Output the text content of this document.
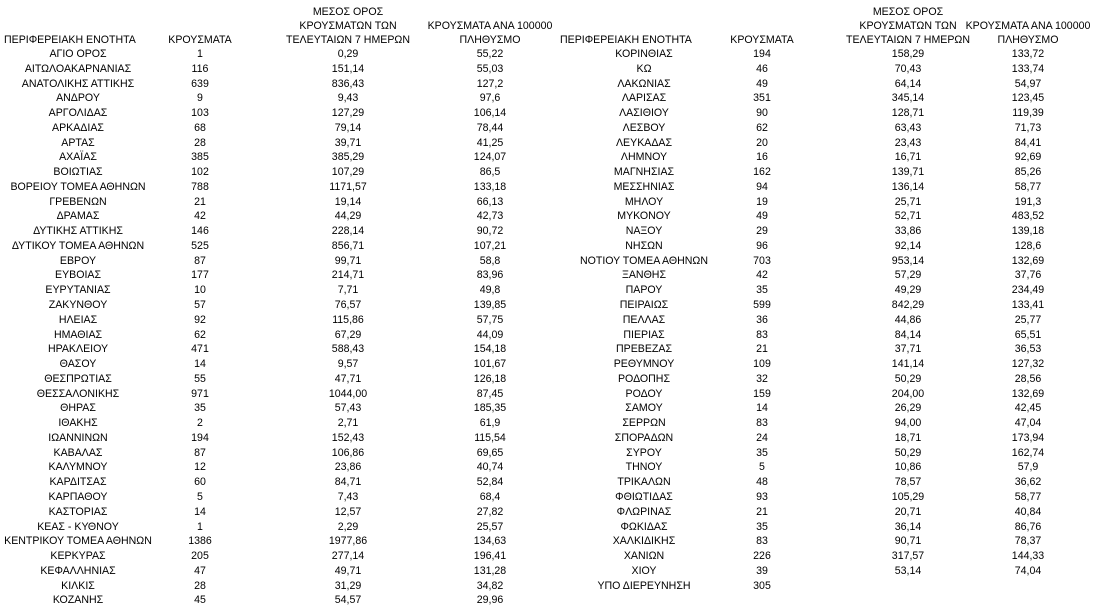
ΠΕΡΙΦΕΡΕΙΑΚΗ ΕΝΟΤΗΤΑ	ΚΡΟΥΣΜΑΤΑ
ΜΕΣΟΣ ΟΡΟΣ
ΚΡΟΥΣΜΑΤΩΝ ΤΩΝ
ΤΕΛΕΥΤΑΙΩΝ 7 ΗΜΕΡΩΝ
ΚΡΟΥΣΜΑΤΑ ΑΝΑ 100000
ΠΛΗΘΥΣΜΟ
ΑΓΙΟ ΟΡΟΣ	1	0,29	55,22
ΑΙΤΩΛΟΑΚΑΡΝΑΝΙΑΣ	116	151,14	55,03
ΑΝΑΤΟΛΙΚΗΣ ΑΤΤΙΚΗΣ	639	836,43	127,2
ΑΝΔΡΟΥ	9	9,43	97,6
ΑΡΓΟΛΙΔΑΣ	103	127,29	106,14
ΑΡΚΑΔΙΑΣ	68	79,14	78,44
ΑΡΤΑΣ	28	39,71	41,25
ΑΧΑΪΑΣ	385	385,29	124,07
ΒΟΙΩΤΙΑΣ	102	107,29	86,5
ΒΟΡΕΙΟΥ ΤΟΜΕΑ ΑΘΗΝΩΝ	788	1171,57	133,18
ΓΡΕΒΕΝΩΝ	21	19,14	66,13
ΔΡΑΜΑΣ	42	44,29	42,73
ΔΥΤΙΚΗΣ ΑΤΤΙΚΗΣ	146	228,14	90,72
ΔΥΤΙΚΟΥ ΤΟΜΕΑ ΑΘΗΝΩΝ	525	856,71	107,21
ΕΒΡΟΥ	87	99,71	58,8
ΕΥΒΟΙΑΣ	177	214,71	83,96
ΕΥΡΥΤΑΝΙΑΣ	10	7,71	49,8
ΖΑΚΥΝΘΟΥ	57	76,57	139,85
ΗΛΕΙΑΣ	92	115,86	57,75
ΗΜΑΘΙΑΣ	62	67,29	44,09
ΗΡΑΚΛΕΙΟΥ	471	588,43	154,18
ΘΑΣΟΥ	14	9,57	101,67
ΘΕΣΠΡΩΤΙΑΣ	55	47,71	126,18
ΘΕΣΣΑΛΟΝΙΚΗΣ	971	1044,00	87,45
ΘΗΡΑΣ	35	57,43	185,35
ΙΘΑΚΗΣ	2	2,71	61,9
ΙΩΑΝΝΙΝΩΝ	194	152,43	115,54
ΚΑΒΑΛΑΣ	87	106,86	69,65
ΚΑΛΥΜΝΟΥ	12	23,86	40,74
ΚΑΡΔΙΤΣΑΣ	60	84,71	52,84
ΚΑΡΠΑΘΟΥ	5	7,43	68,4
ΚΑΣΤΟΡΙΑΣ	14	12,57	27,82
ΚΕΑΣ - ΚΥΘΝΟΥ	1	2,29	25,57
ΚΕΝΤΡΙΚΟΥ ΤΟΜΕΑ ΑΘΗΝΩΝ	1386	1977,86	134,63
ΚΕΡΚΥΡΑΣ	205	277,14	196,41
ΚΕΦΑΛΛΗΝΙΑΣ	47	49,71	131,28
ΚΙΛΚΙΣ	28	31,29	34,82
ΚΟΖΑΝΗΣ	45	54,57	29,96
ΠΕΡΙΦΕΡΕΙΑΚΗ ΕΝΟΤΗΤΑ	ΚΡΟΥΣΜΑΤΑ
ΜΕΣΟΣ ΟΡΟΣ
ΚΡΟΥΣΜΑΤΩΝ ΤΩΝ
ΤΕΛΕΥΤΑΙΩΝ 7 ΗΜΕΡΩΝ
ΚΡΟΥΣΜΑΤΑ ΑΝΑ 100000
ΠΛΗΘΥΣΜΟ
ΚΟΡΙΝΘΙΑΣ	194	158,29	133,72
ΚΩ	46	70,43	133,74
ΛΑΚΩΝΙΑΣ	49	64,14	54,97
ΛΑΡΙΣΑΣ	351	345,14	123,45
ΛΑΣΙΘΙΟΥ	90	128,71	119,39
ΛΕΣΒΟΥ	62	63,43	71,73
ΛΕΥΚΑΔΑΣ	20	23,43	84,41
ΛΗΜΝΟΥ	16	16,71	92,69
ΜΑΓΝΗΣΙΑΣ	162	139,71	85,26
ΜΕΣΣΗΝΙΑΣ	94	136,14	58,77
ΜΗΛΟΥ	19	25,71	191,3
ΜΥΚΟΝΟΥ	49	52,71	483,52
ΝΑΞΟΥ	29	33,86	139,18
ΝΗΣΩΝ	96	92,14	128,6
ΝΟΤΙΟΥ ΤΟΜΕΑ ΑΘΗΝΩΝ	703	953,14	132,69
ΞΑΝΘΗΣ	42	57,29	37,76
ΠΑΡΟΥ	35	49,29	234,49
ΠΕΙΡΑΙΩΣ	599	842,29	133,41
ΠΕΛΛΑΣ	36	44,86	25,77
ΠΙΕΡΙΑΣ	83	84,14	65,51
ΠΡΕΒΕΖΑΣ	21	37,71	36,53
ΡΕΘΥΜΝΟΥ	109	141,14	127,32
ΡΟΔΟΠΗΣ	32	50,29	28,56
ΡΟΔΟΥ	159	204,00	132,69
ΣΑΜΟΥ	14	26,29	42,45
ΣΕΡΡΩΝ	83	94,00	47,04
ΣΠΟΡΑΔΩΝ	24	18,71	173,94
ΣΥΡΟΥ	35	50,29	162,74
ΤΗΝΟΥ	5	10,86	57,9
ΤΡΙΚΑΛΩΝ	48	78,57	36,62
ΦΘΙΩΤΙΔΑΣ	93	105,29	58,77
ΦΛΩΡΙΝΑΣ	21	20,71	40,84
ΦΩΚΙΔΑΣ	35	36,14	86,76
ΧΑΛΚΙΔΙΚΗΣ	83	90,71	78,37
ΧΑΝΙΩΝ	226	317,57	144,33
ΧΙΟΥ	39	53,14	74,04
ΥΠΟ ΔΙΕΡΕΥΝΗΣΗ	305
